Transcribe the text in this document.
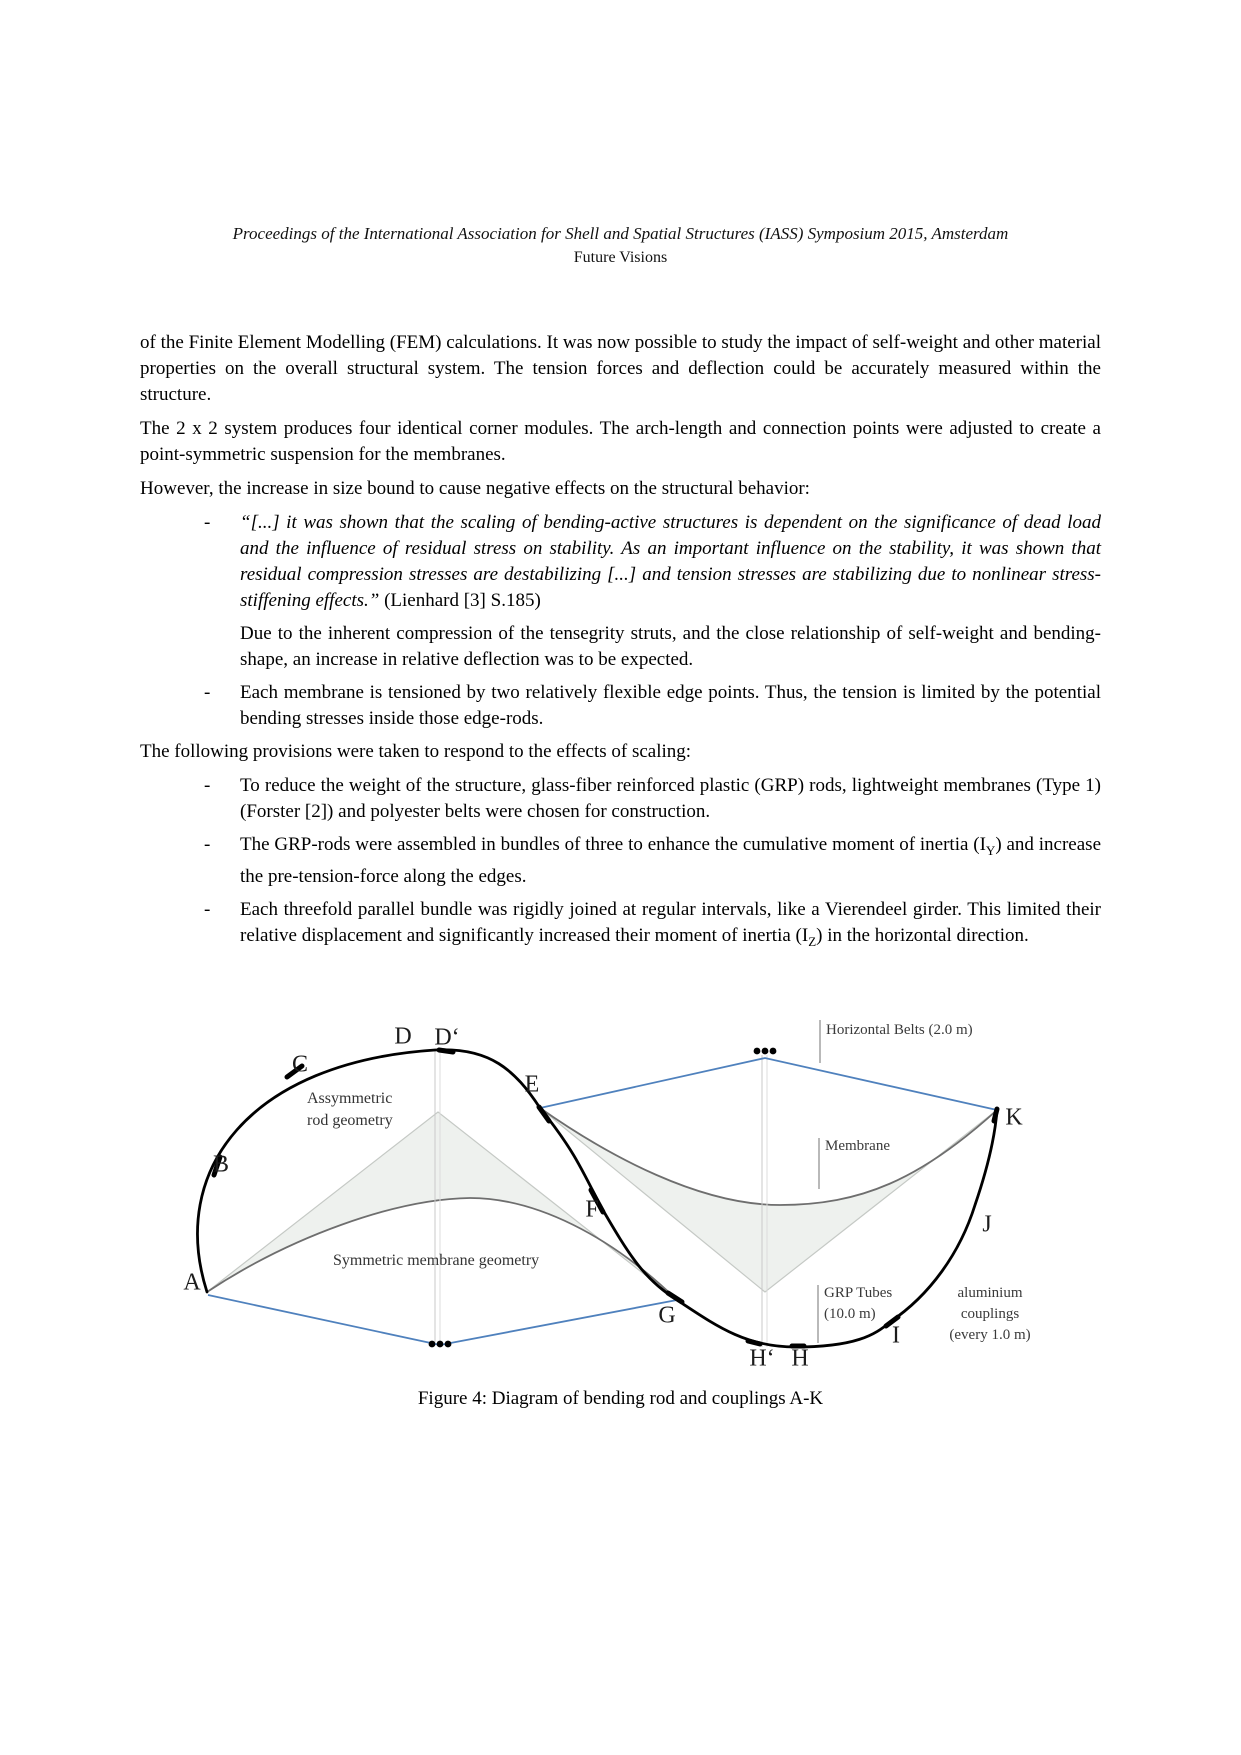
Proceedings of the International Association for Shell and Spatial Structures (IASS) Symposium 2015, Amsterdam
Future Visions

of the Finite Element Modelling (FEM) calculations. It was now possible to study the impact of self-weight and other material properties on the overall structural system. The tension forces and deflection could be accurately measured within the structure.

The 2 x 2 system produces four identical corner modules. The arch-length and connection points were adjusted to create a point-symmetric suspension for the membranes.

However, the increase in size bound to cause negative effects on the structural behavior:

- “[...] it was shown that the scaling of bending-active structures is dependent on the significance of dead load and the influence of residual stress on stability. As an important influence on the stability, it was shown that residual compression stresses are destabilizing [...] and tension stresses are stabilizing due to nonlinear stress-stiffening effects.” (Lienhard [3] S.185)

Due to the inherent compression of the tensegrity struts, and the close relationship of self-weight and bending-shape, an increase in relative deflection was to be expected.

- Each membrane is tensioned by two relatively flexible edge points. Thus, the tension is limited by the potential bending stresses inside those edge-rods.

The following provisions were taken to respond to the effects of scaling:

- To reduce the weight of the structure, glass-fiber reinforced plastic (GRP) rods, lightweight membranes (Type 1) (Forster [2]) and polyester belts were chosen for construction.
- The GRP-rods were assembled in bundles of three to enhance the cumulative moment of inertia $(I_Y)$ and increase the pre-tension-force along the edges.
- Each threefold parallel bundle was rigidly joined at regular intervals, like a Vierendeel girder. This limited their relative displacement and significantly increased their moment of inertia $(I_Z)$ in the horizontal direction.
A
B
C
D D‘
E
F
G
H‘ H
I
J
K
Assymmetric
rod geometry
Symmetric membrane geometry
Horizontal Belts (2.0 m)
Membrane
GRP Tubes
(10.0 m)
aluminium
couplings
(every 1.0 m)
Figure 4: Diagram of bending rod and couplings A-K
